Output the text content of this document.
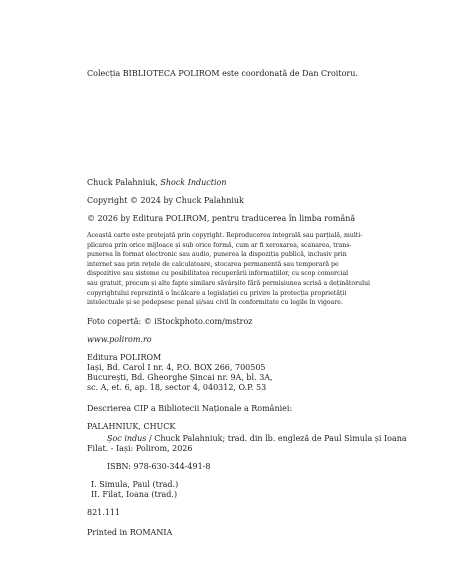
Colecția BIBLIOTECA POLIROM este coordonată de Dan Croitoru.

Chuck Palahniuk, Shock Induction

Copyright © 2024 by Chuck Palahniuk

© 2026 by Editura POLIROM, pentru traducerea în limba română

Această carte este protejată prin copyright. Reproducerea integrală sau parțială, multi-
plicarea prin orice mijloace și sub orice formă, cum ar fi xeroxarea, scanarea, trans-
punerea în format electronic sau audio, punerea la dispoziția publică, inclusiv prin
internet sau prin rețele de calculatoare, stocarea permanentă sau temporară pe
dispozitive sau sisteme cu posibilitatea recuperării informațiilor, cu scop comercial
sau gratuit, precum și alte fapte similare săvârșite fără permisiunea scrisă a deținătorului
copyrightului reprezintă o încălcare a legislației cu privire la protecția proprietății
intelectuale și se pedepsesc penal și/sau civil în conformitate cu legile în vigoare.

Foto copertă: © iStockphoto.com/mstroz

www.polirom.ro

Editura POLIROM

Iași, Bd. Carol I nr. 4, P.O. BOX 266, 700505

București, Bd. Gheorghe Șincai nr. 9A, bl. 3A,

sc. A, et. 6, ap. 18, sector 4, 040312, O.P. 53

Descrierea CIP a Bibliotecii Naționale a României:

PALAHNIUK, CHUCK

Șoc indus / Chuck Palahniuk; trad. din lb. engleză de Paul Simula și Ioana

Filat. - Iași: Polirom, 2026

ISBN: 978-630-344-491-8

I. Simula, Paul (trad.)

II. Filat, Ioana (trad.)

821.111

Printed in ROMANIA
